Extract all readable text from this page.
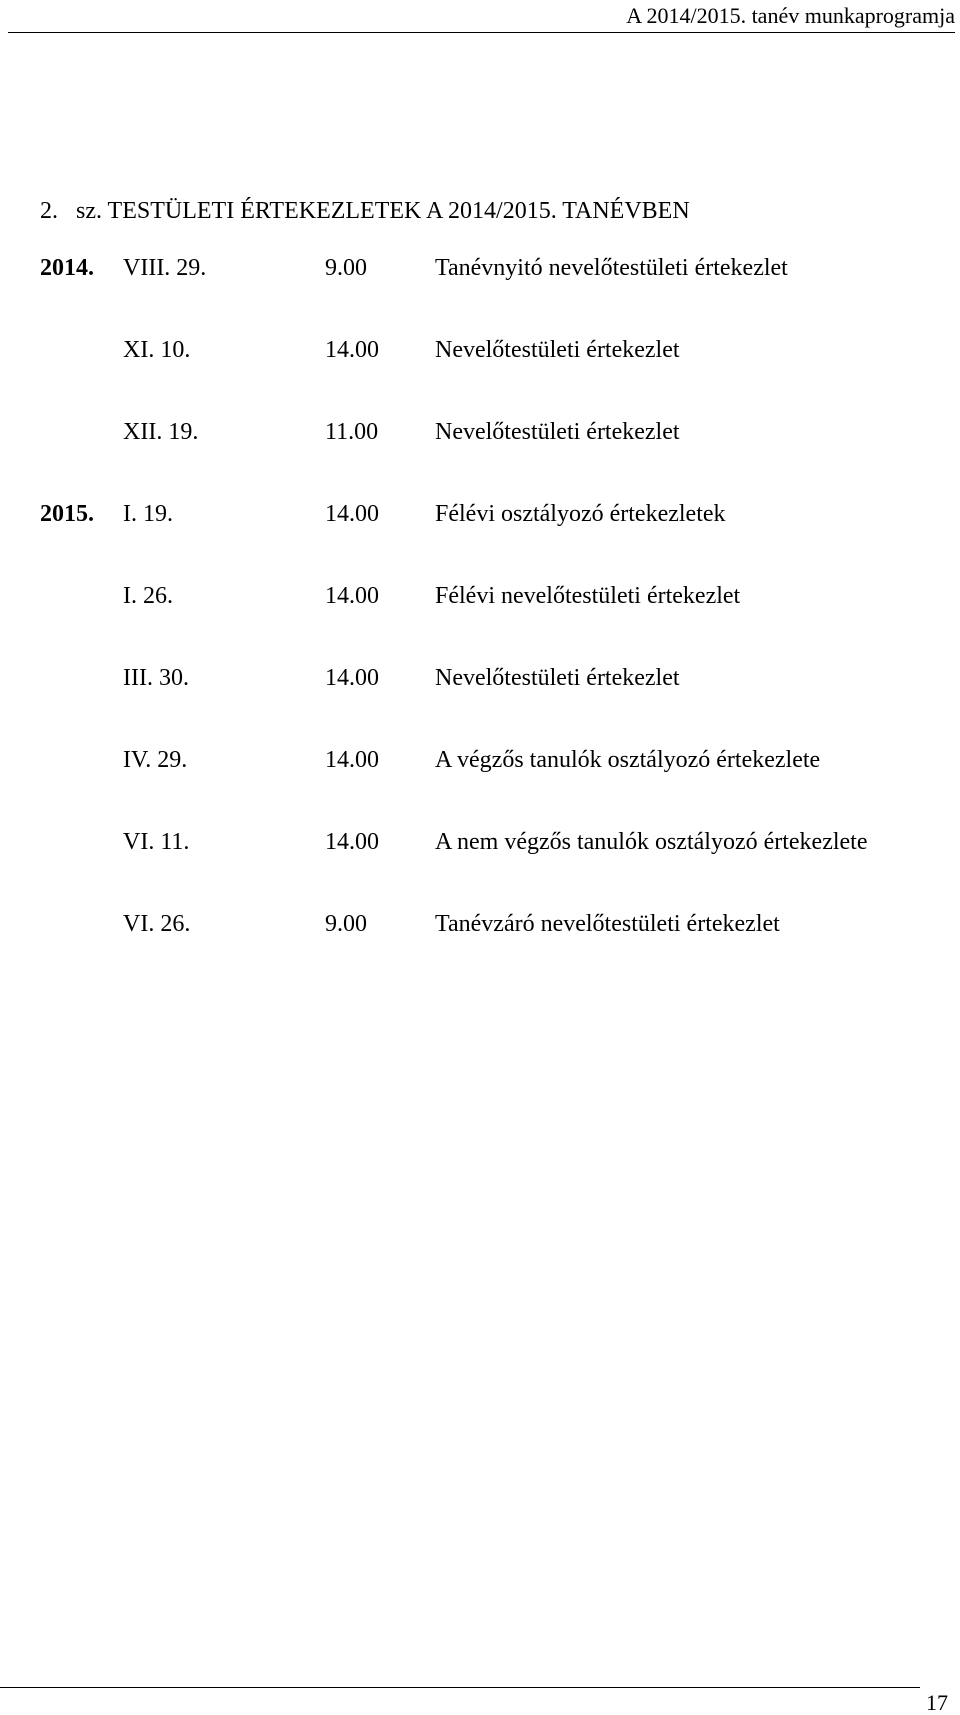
A 2014/2015. tanév munkaprogramja
2. sz. TESTÜLETI ÉRTEKEZLETEK A 2014/2015. TANÉVBEN
2014. VIII. 29.	9.00	Tanévnyitó nevelőtestületi értekezlet
XI. 10.	14.00	Nevelőtestületi értekezlet
XII. 19.	11.00	Nevelőtestületi értekezlet
2015. I. 19.	14.00	Félévi osztályozó értekezletek
I. 26.	14.00	Félévi nevelőtestületi értekezlet
III. 30.	14.00	Nevelőtestületi értekezlet
IV. 29.	14.00	A végzős tanulók osztályozó értekezlete
VI. 11.	14.00	A nem végzős tanulók osztályozó értekezlete
VI. 26.	9.00	Tanévzáró nevelőtestületi értekezlet
17
